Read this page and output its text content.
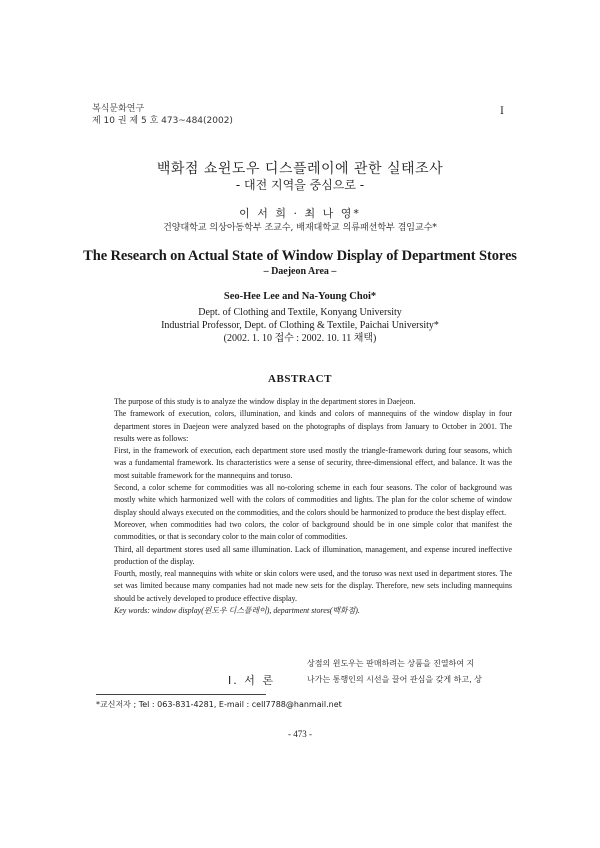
복식문화연구
제 10 권 제 5 호 473~484(2002)
I
백화점 쇼윈도우 디스플레이에 관한 실태조사
- 대전 지역을 중심으로 -
이 서 희 · 최 나 영*
건양대학교 의상아동학부 조교수, 배재대학교 의류패션학부 겸임교수*
The Research on Actual State of Window Display of Department Stores
– Daejeon Area –
Seo-Hee Lee and Na-Young Choi*
Dept. of Clothing and Textile, Konyang University
Industrial Professor, Dept. of Clothing & Textile, Paichai University*
(2002. 1. 10 접수 : 2002. 10. 11 채택)
ABSTRACT

The purpose of this study is to analyze the window display in the department stores in Daejeon.

The framework of execution, colors, illumination, and kinds and colors of mannequins of the window display in four department stores in Daejeon were analyzed based on the photographs of displays from January to October in 2001. The results were as follows:

First, in the framework of execution, each department store used mostly the triangle-framework during four seasons, which was a fundamental framework. Its characteristics were a sense of security, three-dimensional effect, and balance. It was the most suitable framework for the mannequins and toruso.

Second, a color scheme for commodities was all no-coloring scheme in each four seasons. The color of background was mostly white which harmonized well with the colors of commodities and lights. The plan for the color scheme of window display should always executed on the commodities, and the colors should be harmonized to produce the best display effect.

Moreover, when commodities had two colors, the color of background should be in one simple color that manifest the commodities, or that is secondary color to the main color of commodities.

Third, all department stores used all same illumination. Lack of illumination, management, and expense incured ineffective production of the display.

Fourth, mostly, real mannequins with white or skin colors were used, and the toruso was next used in department stores. The set was limited because many companies had not made new sets for the display. Therefore, new sets including mannequins should be actively developed to produce effective display.

Key words: window display(윈도우 디스플레이), department stores(백화점).

I. 서 론
상점의 윈도우는 판매하려는 상품을 진열하여 지
나가는 통행인의 시선을 끌어 관심을 갖게 하고, 상
*교신저자 ; Tel : 063-831-4281, E-mail : cell7788@hanmail.net
- 473 -
